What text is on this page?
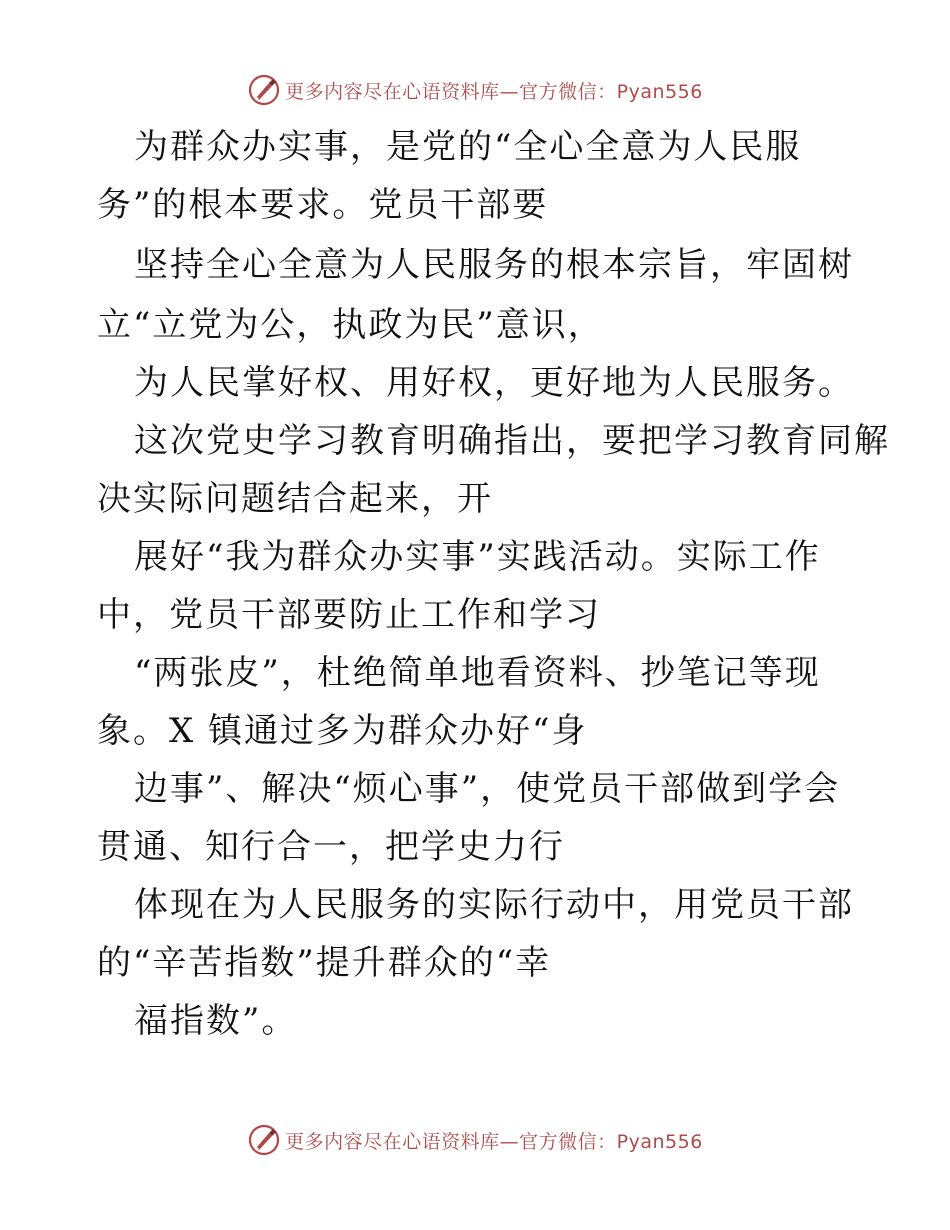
更多内容尽在心语资料库—官方微信：Pyan556
为群众办实事，是党的“全心全意为人民服
务”的根本要求。党员干部要
坚持全心全意为人民服务的根本宗旨，牢固树
立“立党为公，执政为民”意识，
为人民掌好权、用好权，更好地为人民服务。
这次党史学习教育明确指出，要把学习教育同解
决实际问题结合起来，开
展好“我为群众办实事”实践活动。实际工作
中，党员干部要防止工作和学习
“两张皮”，杜绝简单地看资料、抄笔记等现
象。X 镇通过多为群众办好“身
边事”、解决“烦心事”，使党员干部做到学会
贯通、知行合一，把学史力行
体现在为人民服务的实际行动中，用党员干部
的“辛苦指数”提升群众的“幸
福指数”。
更多内容尽在心语资料库—官方微信：Pyan556
